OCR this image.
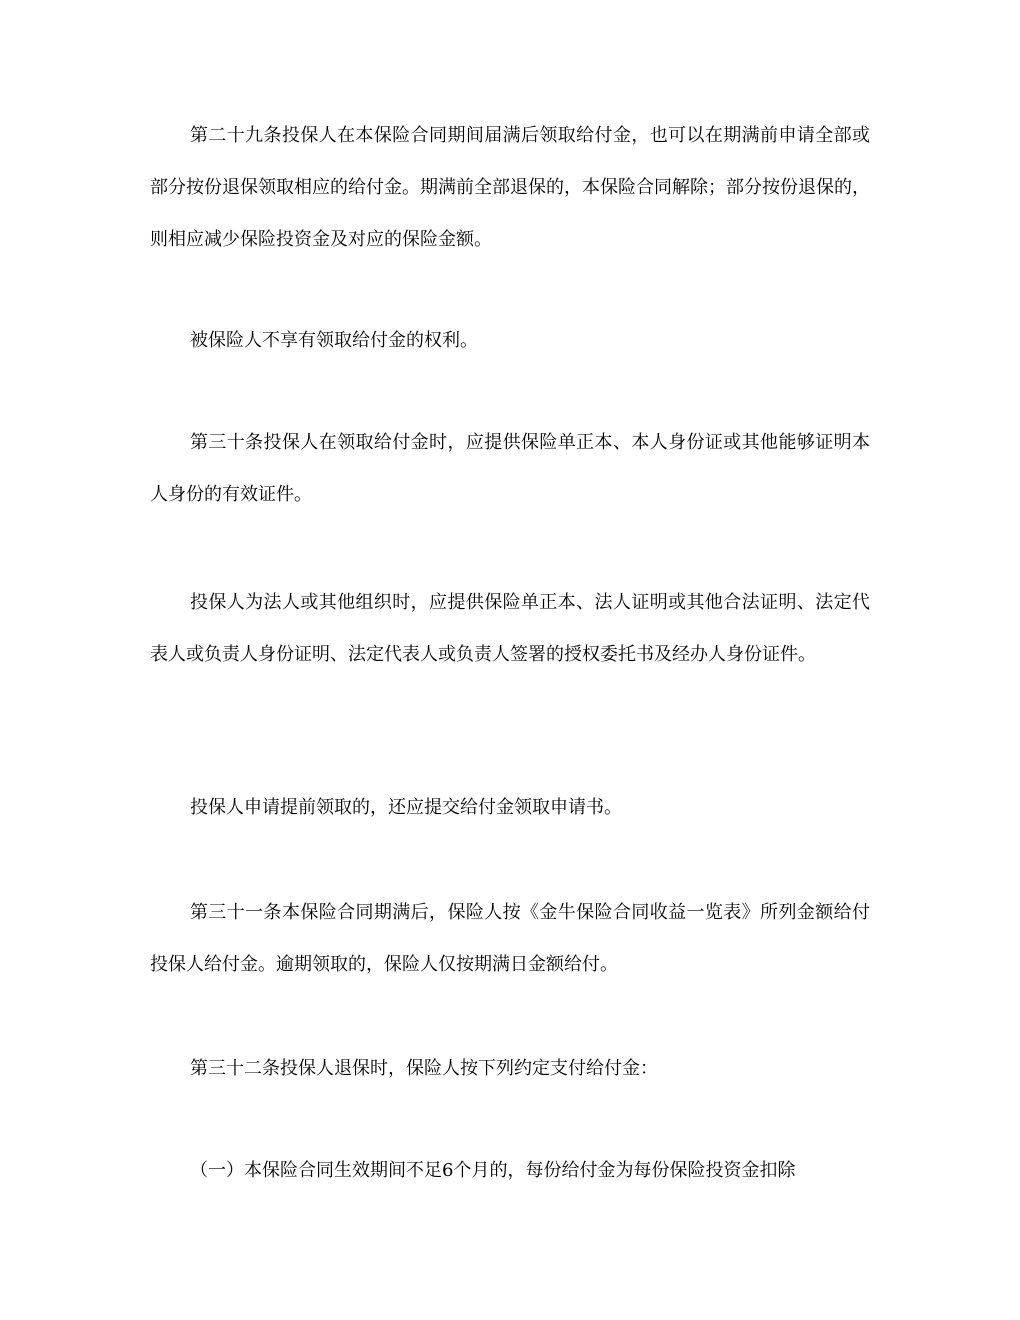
第二十九条投保人在本保险合同期间届满后领取给付金，也可以在期满前申请全部或部分按份退保领取相应的给付金。期满前全部退保的，本保险合同解除；部分按份退保的，则相应减少保险投资金及对应的保险金额。

被保险人不享有领取给付金的权利。

第三十条投保人在领取给付金时，应提供保险单正本、本人身份证或其他能够证明本人身份的有效证件。

投保人为法人或其他组织时，应提供保险单正本、法人证明或其他合法证明、法定代表人或负责人身份证明、法定代表人或负责人签署的授权委托书及经办人身份证件。

投保人申请提前领取的，还应提交给付金领取申请书。

第三十一条本保险合同期满后，保险人按《金牛保险合同收益一览表》所列金额给付投保人给付金。逾期领取的，保险人仅按期满日金额给付。

第三十二条投保人退保时，保险人按下列约定支付给付金：

（一）本保险合同生效期间不足6个月的，每份给付金为每份保险投资金扣除
